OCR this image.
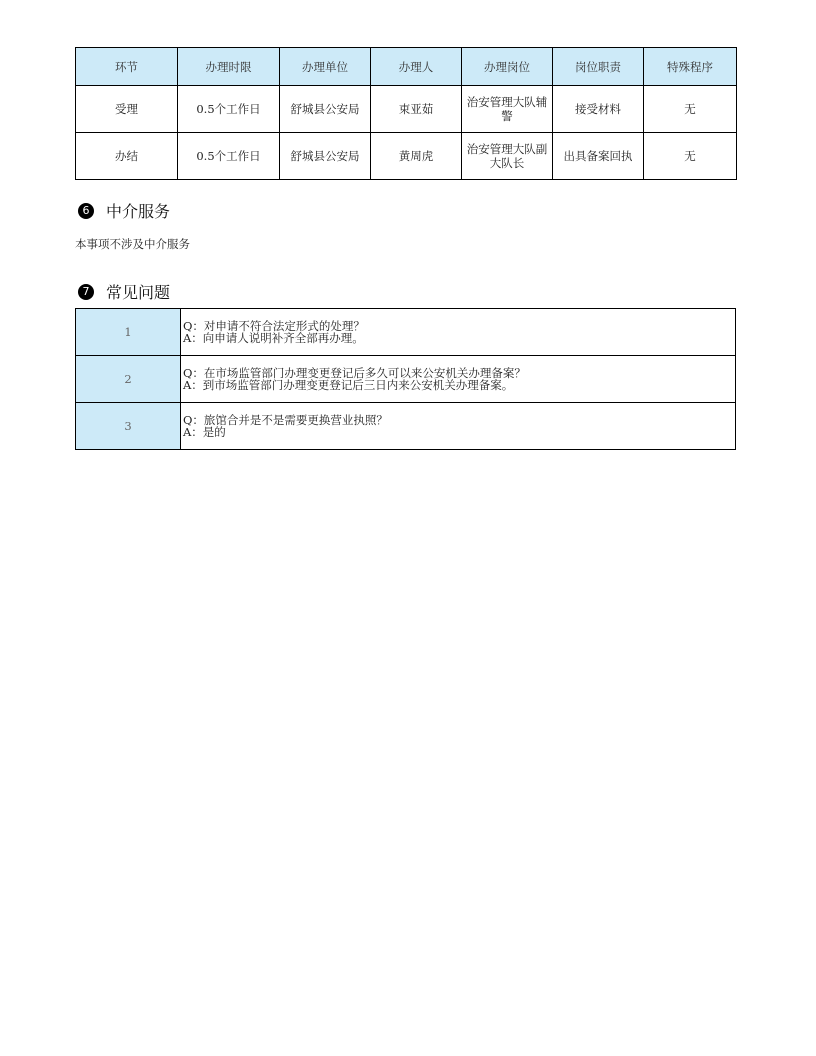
环节	办理时限	办理单位	办理人	办理岗位	岗位职责	特殊程序
受理	0.5个工作日	舒城县公安局	束亚茹	治安管理大队辅警	接受材料	无
办结	0.5个工作日	舒城县公安局	黄周虎	治安管理大队副大队长	出具备案回执	无
6 中介服务
本事项不涉及中介服务
7 常见问题
1	Q：对申请不符合法定形式的处理？
A：向申请人说明补齐全部再办理。

2	Q：在市场监管部门办理变更登记后多久可以来公安机关办理备案？
A：到市场监管部门办理变更登记后三日内来公安机关办理备案。

3	Q：旅馆合并是不是需要更换营业执照？
A：是的
